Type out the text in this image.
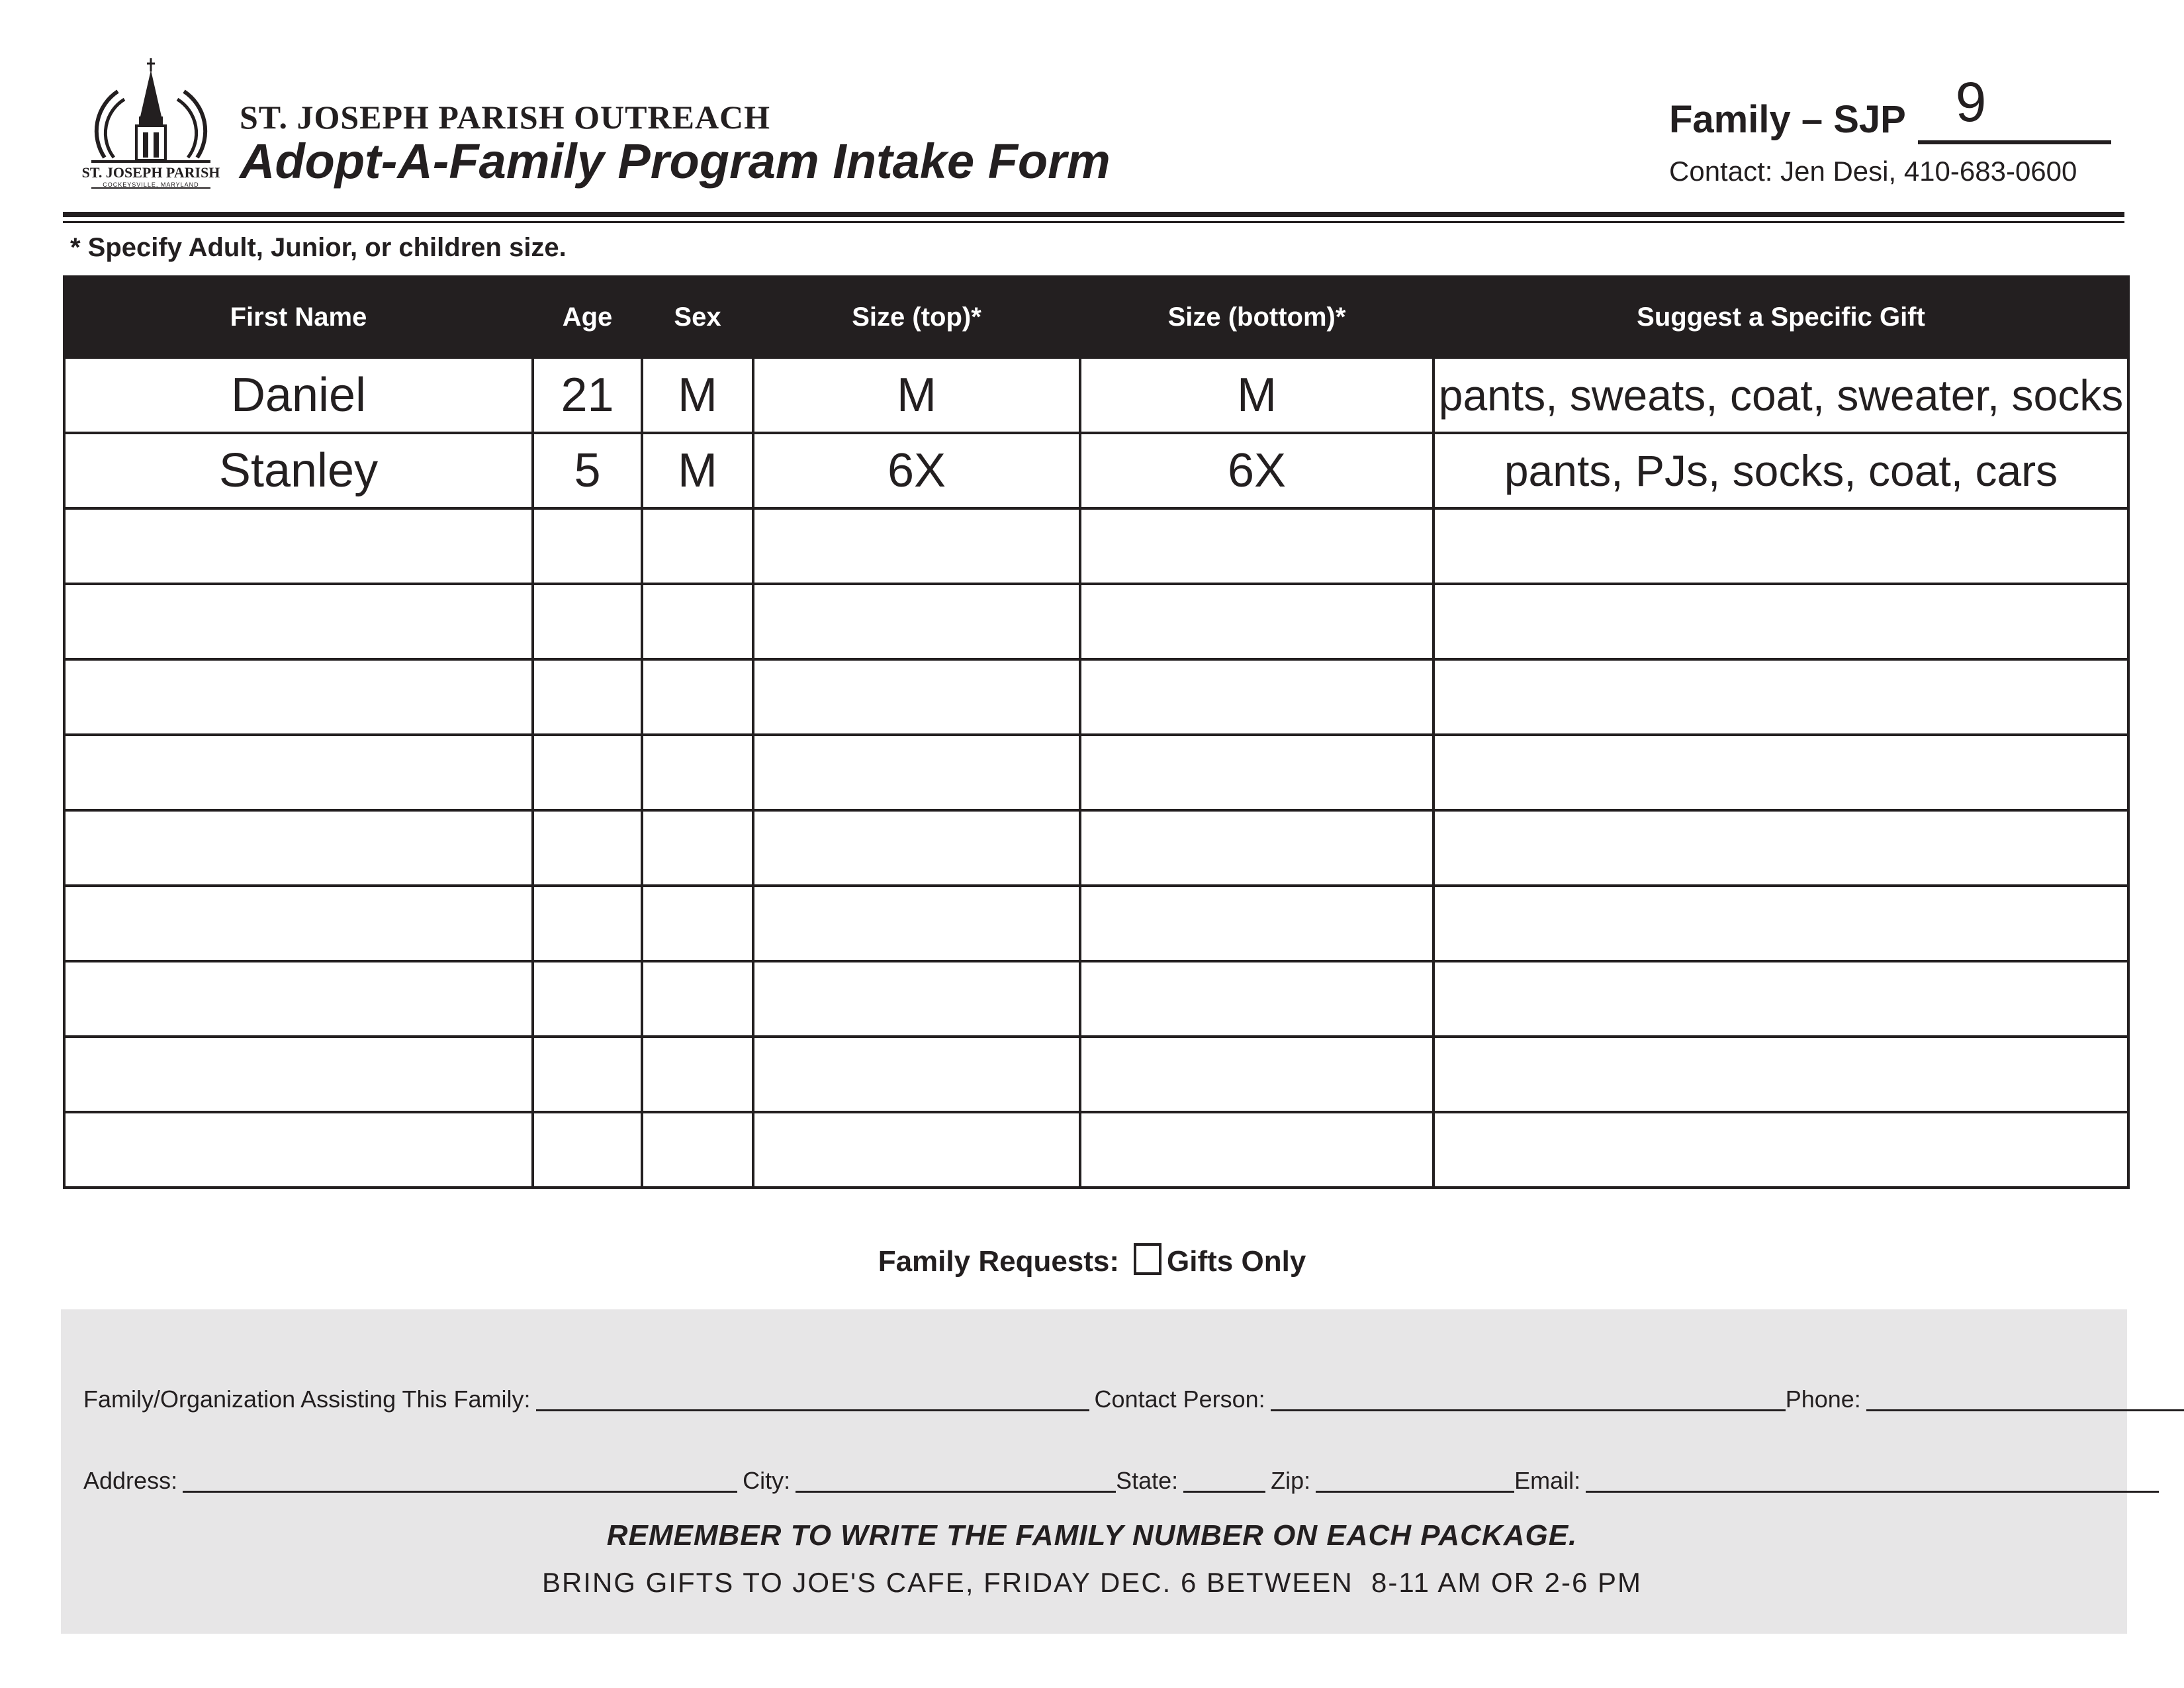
ST. JOSEPH PARISH
COCKEYSVILLE, MARYLAND
ST. JOSEPH PARISH OUTREACH
Adopt-A-Family Program Intake Form
Family – SJP 9
Contact: Jen Desi, 410-683-0600
* Specify Adult, Junior, or children size.
First Name	Age	Sex	Size (top)*	Size (bottom)*	Suggest a Specific Gift
Daniel	21	M	M	M	pants, sweats, coat, sweater, socks
Stanley	5	M	6X	6X	pants, PJs, socks, coat, cars

Family Requests: Gifts Only
Family/Organization Assisting This Family:	Contact Person:	Phone:
Address:	City:	State:	Zip:	Email:
REMEMBER TO WRITE THE FAMILY NUMBER ON EACH PACKAGE.
BRING GIFTS TO JOE'S CAFE, FRIDAY DEC. 6 BETWEEN  8-11 AM OR 2-6 PM
